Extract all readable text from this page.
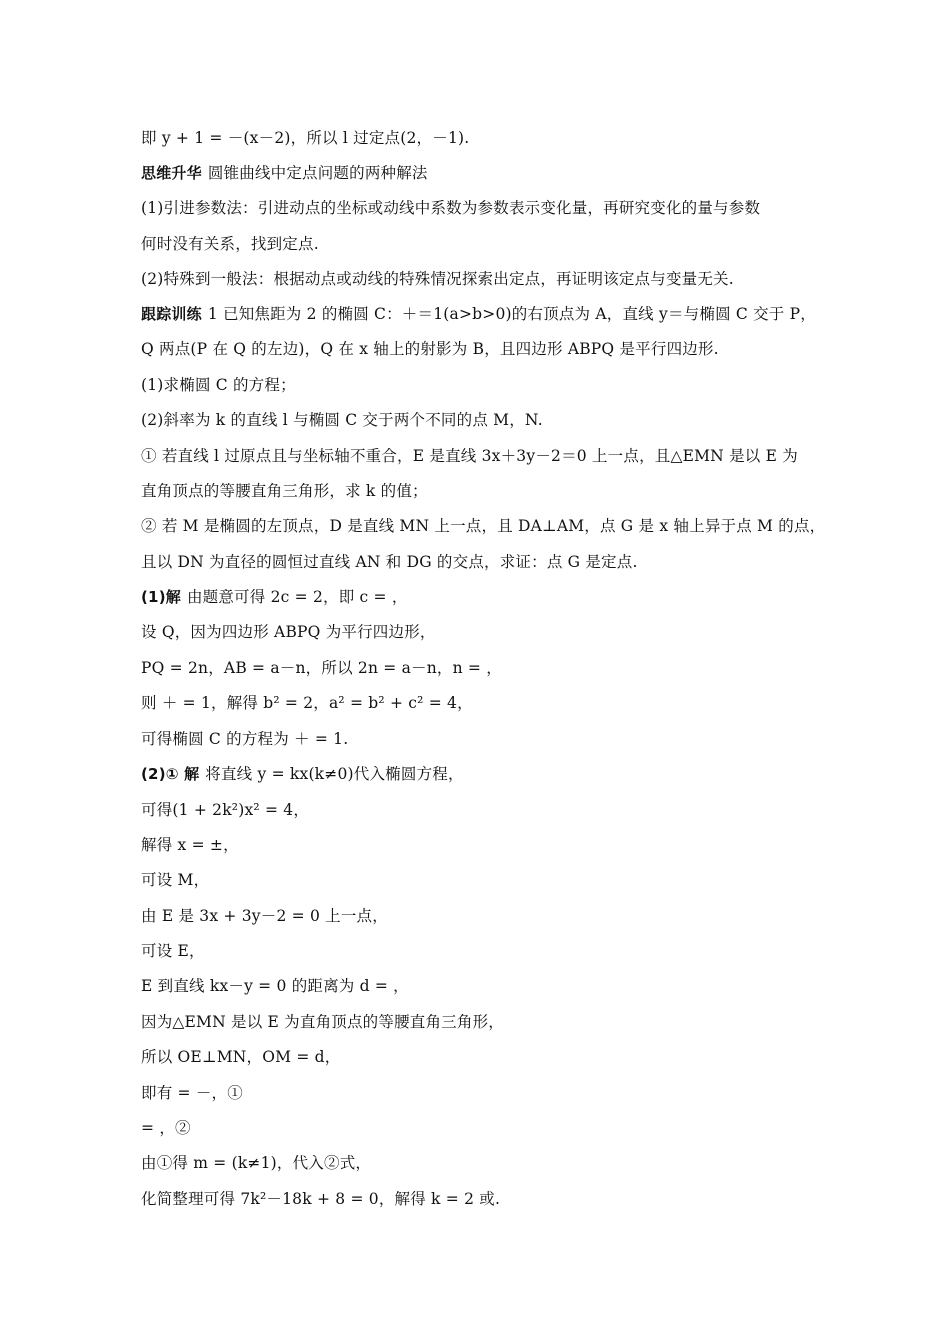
即 y + 1 = －(x－2)，所以 l 过定点(2，－1).
思维升华 圆锥曲线中定点问题的两种解法
(1)引进参数法：引进动点的坐标或动线中系数为参数表示变化量，再研究变化的量与参数
何时没有关系，找到定点.
(2)特殊到一般法：根据动点或动线的特殊情况探索出定点，再证明该定点与变量无关.
跟踪训练 1 已知焦距为 2 的椭圆 C：＋＝1(a>b>0)的右顶点为 A，直线 y＝与椭圆 C 交于 P，
Q 两点(P 在 Q 的左边)，Q 在 x 轴上的射影为 B，且四边形 ABPQ 是平行四边形.
(1)求椭圆 C 的方程；
(2)斜率为 k 的直线 l 与椭圆 C 交于两个不同的点 M，N.
① 若直线 l 过原点且与坐标轴不重合，E 是直线 3x＋3y－2＝0 上一点，且△EMN 是以 E 为
直角顶点的等腰直角三角形，求 k 的值；
② 若 M 是椭圆的左顶点，D 是直线 MN 上一点，且 DA⊥AM，点 G 是 x 轴上异于点 M 的点，
且以 DN 为直径的圆恒过直线 AN 和 DG 的交点，求证：点 G 是定点.
(1)解 由题意可得 2c = 2，即 c = ，
设 Q，因为四边形 ABPQ 为平行四边形，
PQ = 2n，AB = a－n，所以 2n = a－n，n = ，
则 ＋ = 1，解得 b² = 2，a² = b² + c² = 4，
可得椭圆 C 的方程为 ＋ = 1.
(2)① 解 将直线 y = kx(k≠0)代入椭圆方程，
可得(1 + 2k²)x² = 4，
解得 x = ±，
可设 M，
由 E 是 3x + 3y－2 = 0 上一点，
可设 E，
E 到直线 kx－y = 0 的距离为 d = ，
因为△EMN 是以 E 为直角顶点的等腰直角三角形，
所以 OE⊥MN，OM = d，
即有 = －，①
= ，②
由①得 m = (k≠1)，代入②式，
化简整理可得 7k²－18k + 8 = 0，解得 k = 2 或.
